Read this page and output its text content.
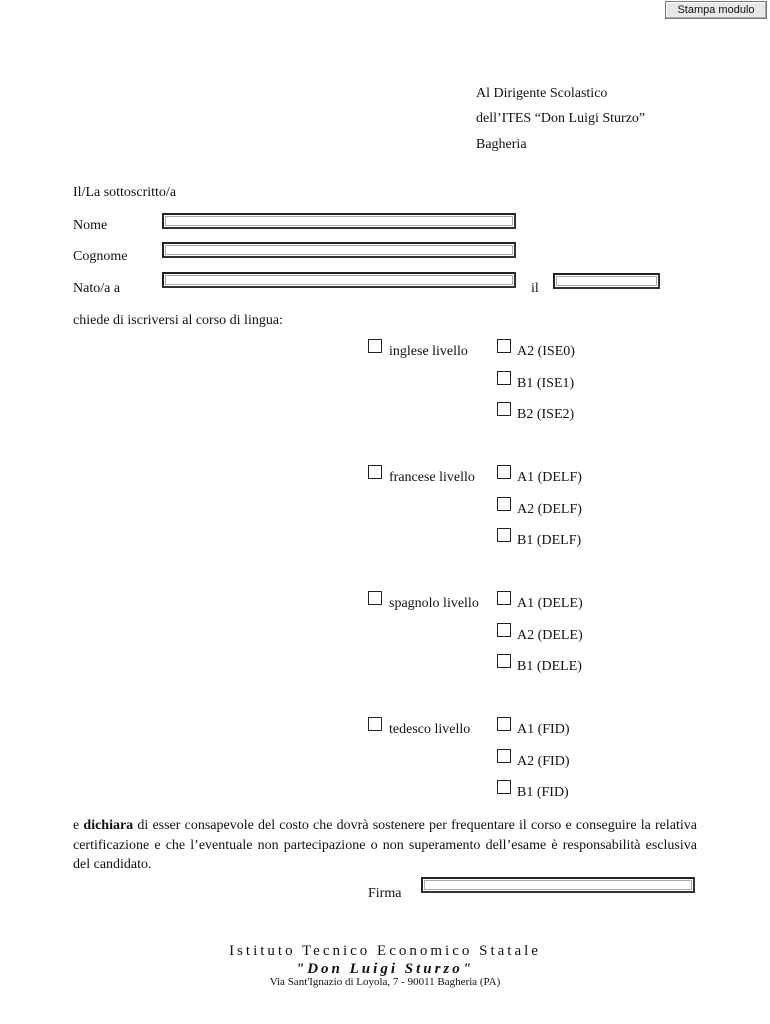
Stampa modulo
Al Dirigente Scolastico
dell’ITES “Don Luigi Sturzo”
Bagheria
Il/La sottoscritto/a
Nome
Cognome
Nato/a a	il
chiede di iscriversi al corso di lingua:
inglese livello	A2 (ISE0)
B1 (ISE1)
B2 (ISE2)
francese livello	A1 (DELF)
A2 (DELF)
B1 (DELF)
spagnolo livello	A1 (DELE)
A2 (DELE)
B1 (DELE)
tedesco livello	A1 (FID)
A2 (FID)
B1 (FID)
e dichiara di esser consapevole del costo che dovrà sostenere per frequentare il corso e conseguire la relativa certificazione e che l’eventuale non partecipazione o non superamento dell’esame è responsabilità esclusiva del candidato.
Firma
Istituto Tecnico Economico Statale
"Don Luigi Sturzo"
Via Sant'Ignazio di Loyola, 7 - 90011 Bagheria (PA)
